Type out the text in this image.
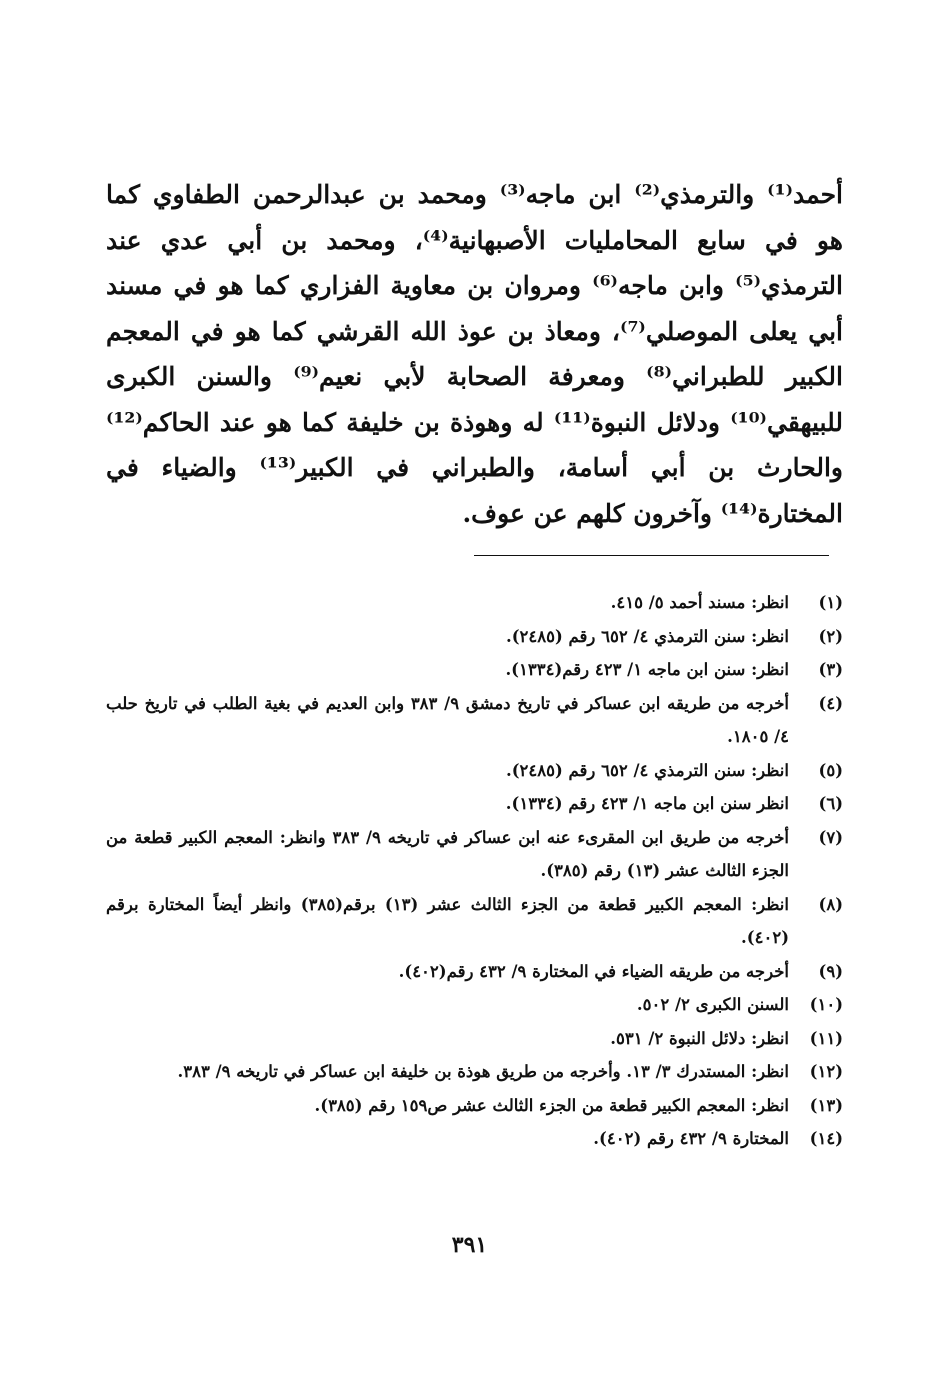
أحمد⁽¹⁾ والترمذي⁽²⁾ ابن ماجه⁽³⁾ ومحمد بن عبدالرحمن الطفاوي كما هو في سابع المحامليات الأصبهانية⁽⁴⁾، ومحمد بن أبي عدي عند الترمذي⁽⁵⁾ وابن ماجه⁽⁶⁾ ومروان بن معاوية الفزاري كما هو في مسند أبي يعلى الموصلي⁽⁷⁾، ومعاذ بن عوذ الله القرشي كما هو في المعجم الكبير للطبراني⁽⁸⁾ ومعرفة الصحابة لأبي نعيم⁽⁹⁾ والسنن الكبرى للبيهقي⁽¹⁰⁾ ودلائل النبوة⁽¹¹⁾ له وهوذة بن خليفة كما هو عند الحاكم⁽¹²⁾ والحارث بن أبي أسامة، والطبراني في الكبير⁽¹³⁾ والضياء في المختارة⁽¹⁴⁾ وآخرون كلهم عن عوف.

(١)
انظر: مسند أحمد ٥/ ٤١٥.
(٢)
انظر: سنن الترمذي ٤/ ٦٥٢ رقم (٢٤٨٥).
(٣)
انظر: سنن ابن ماجه ١/ ٤٢٣ رقم(١٣٣٤).
(٤)
أخرجه من طريقه ابن عساكر في تاريخ دمشق ٩/ ٣٨٣ وابن العديم في بغية الطلب في تاريخ حلب ٤/ ١٨٠٥.
(٥)
انظر: سنن الترمذي ٤/ ٦٥٢ رقم (٢٤٨٥).
(٦)
انظر سنن ابن ماجه ١/ ٤٢٣ رقم (١٣٣٤).
(٧)
أخرجه من طريق ابن المقرىء عنه ابن عساكر في تاريخه ٩/ ٣٨٣ وانظر: المعجم الكبير قطعة من الجزء الثالث عشر (١٣) رقم (٣٨٥).
(٨)
انظر: المعجم الكبير قطعة من الجزء الثالث عشر (١٣) برقم(٣٨٥) وانظر أيضاً المختارة برقم (٤٠٢).
(٩)
أخرجه من طريقه الضياء في المختارة ٩/ ٤٣٢ رقم(٤٠٢).
(١٠)
السنن الكبرى ٢/ ٥٠٢.
(١١)
انظر: دلائل النبوة ٢/ ٥٣١.
(١٢)
انظر: المستدرك ٣/ ١٣. وأخرجه من طريق هوذة بن خليفة ابن عساكر في تاريخه ٩/ ٣٨٣.
(١٣)
انظر: المعجم الكبير قطعة من الجزء الثالث عشر ص١٥٩ رقم (٣٨٥).
(١٤)
المختارة ٩/ ٤٣٢ رقم (٤٠٢).
٣٩١
